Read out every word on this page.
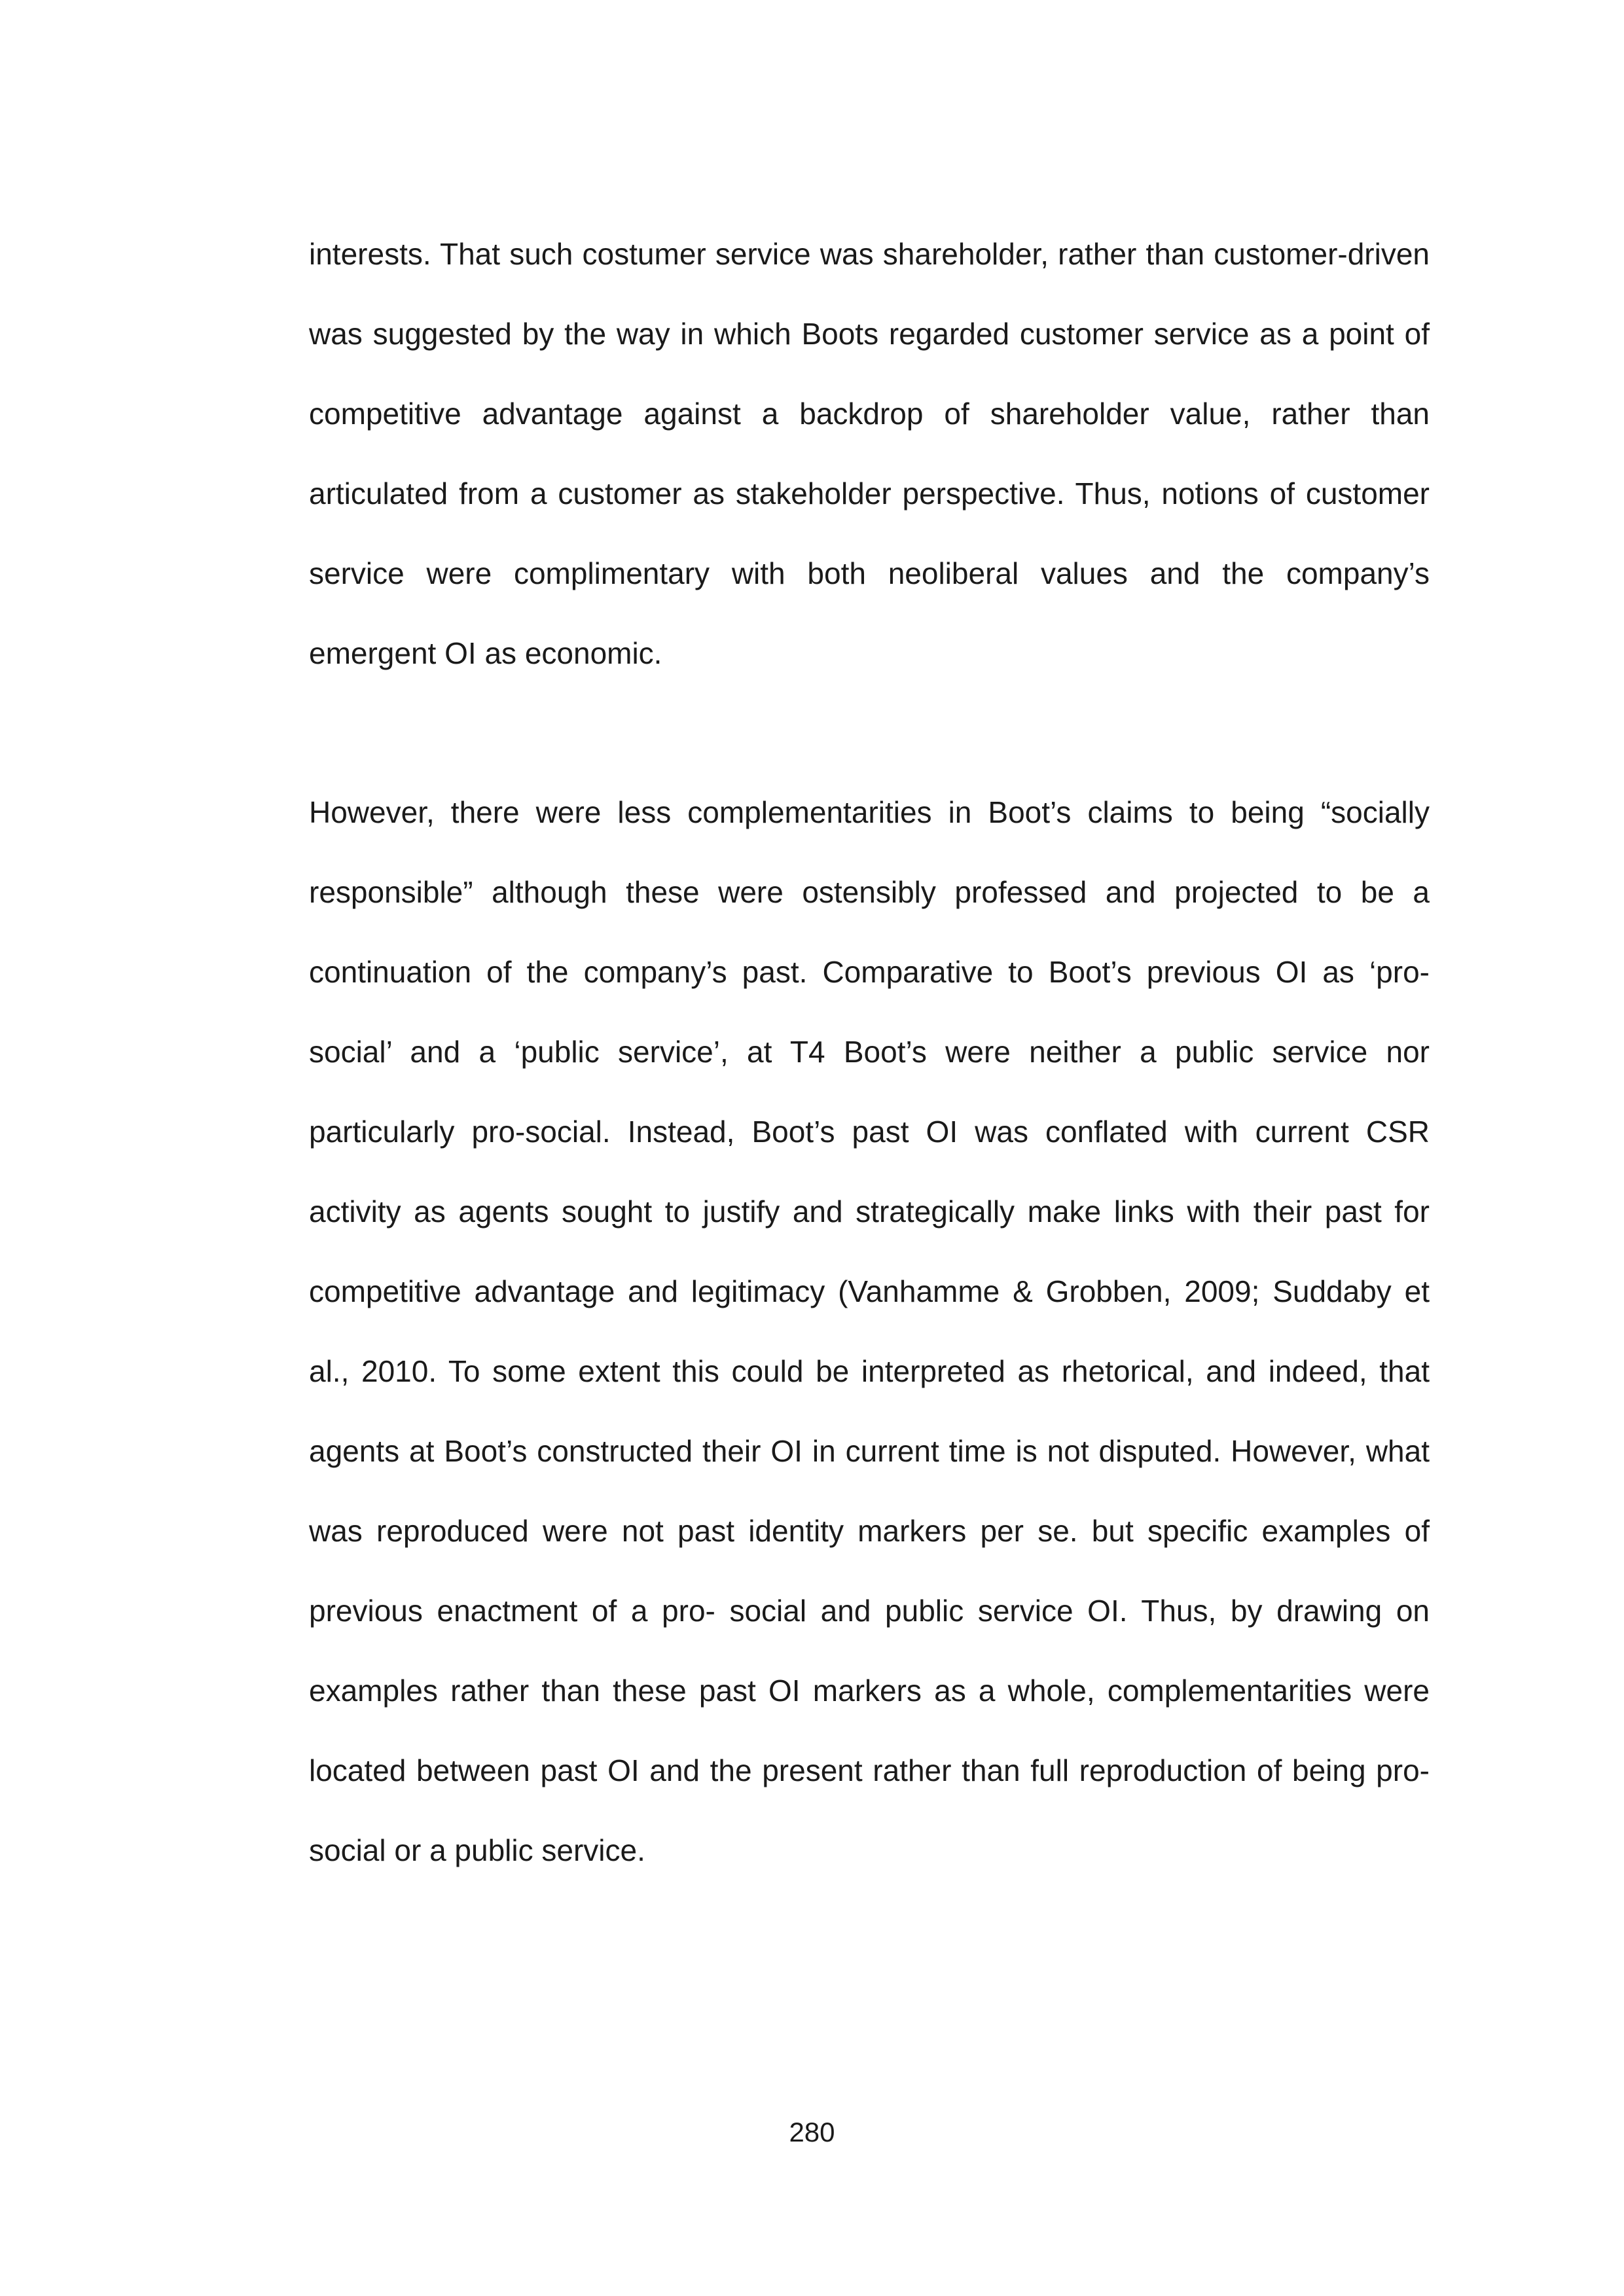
interests. That such costumer service was shareholder, rather than customer-driven
was suggested by the way in which Boots regarded customer service as a point of
competitive advantage against a backdrop of shareholder value, rather than
articulated from a customer as stakeholder perspective. Thus, notions of customer
service were complimentary with both neoliberal values and the company’s
emergent OI as economic.
However, there were less complementarities in Boot’s claims to being “socially
responsible” although these were ostensibly professed and projected to be a
continuation of the company’s past. Comparative to Boot’s previous OI as ‘pro-
social’ and a ‘public service’, at T4 Boot’s were neither a public service nor
particularly pro-social. Instead, Boot’s past OI was conflated with current CSR
activity as agents sought to justify and strategically make links with their past for
competitive advantage and legitimacy (Vanhamme & Grobben, 2009; Suddaby et
al., 2010. To some extent this could be interpreted as rhetorical, and indeed, that
agents at Boot’s constructed their OI in current time is not disputed. However, what
was reproduced were not past identity markers per se. but specific examples of
previous enactment of a pro- social and public service OI. Thus, by drawing on
examples rather than these past OI markers as a whole, complementarities were
located between past OI and the present rather than full reproduction of being pro-
social or a public service.
280
